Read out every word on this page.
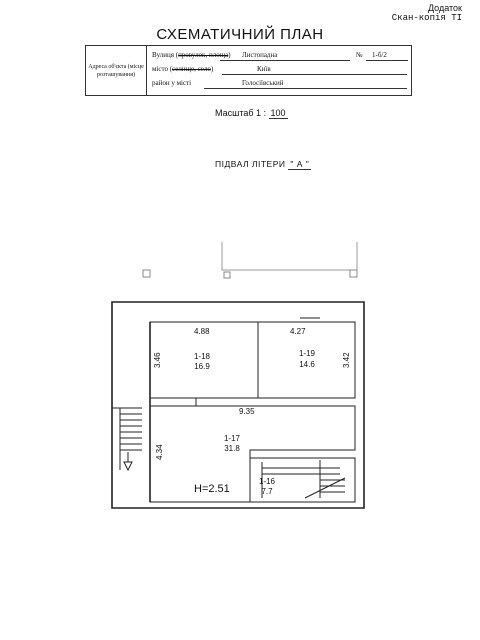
Додаток
Скан-копія ТІ
СХЕМАТИЧНИЙ ПЛАН
Адреса об'єкта (місце розташування)
Вулиця (провулок, площа) Листопадна	№ 1-б/2
місто (селище, село)	Київ
район у місті	Голосіївський
Масштаб 1 : 100
ПІДВАЛ ЛІТЕРИ " А "
1-18
16.9
1-19
14.6
1-17
31.8
1-16
7.7
H=2.51
4.88	4.27
9.35
3.46	3.42
4.34
